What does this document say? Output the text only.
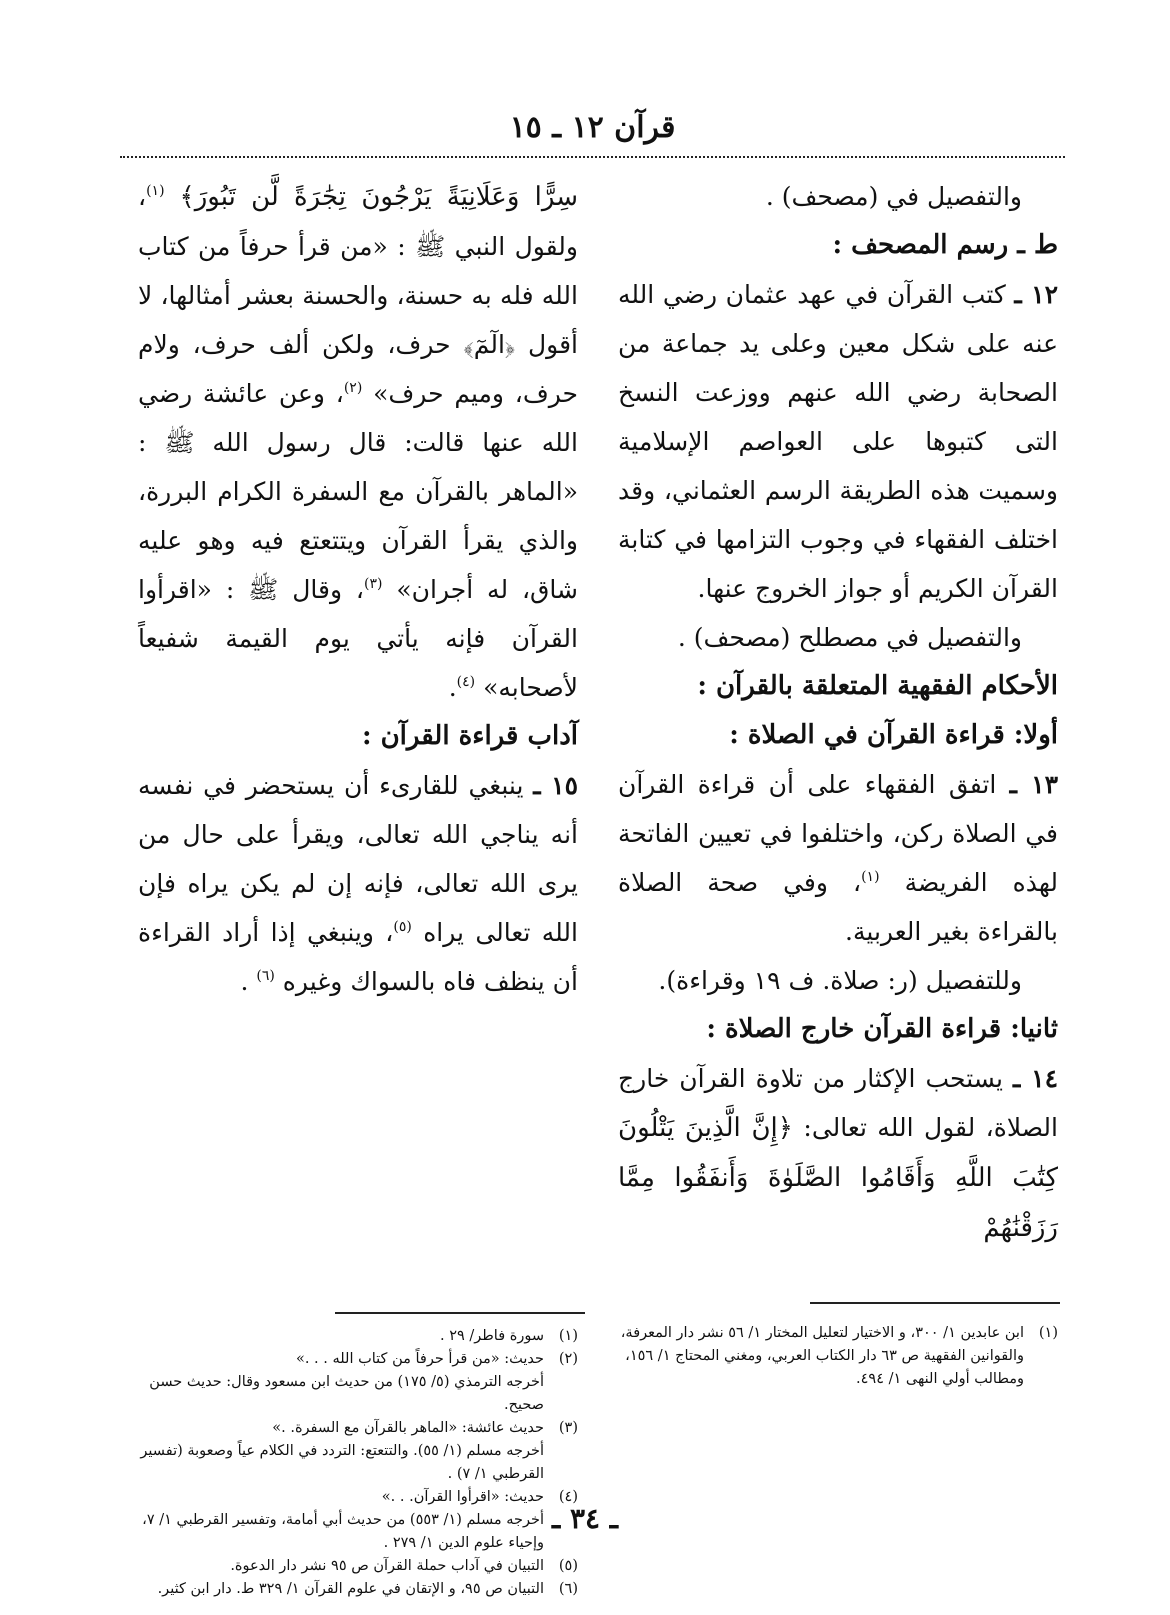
قرآن ١٢ ـ ١٥

والتفصيل في (مصحف) .

ط ـ رسم المصحف :

١٢ ـ كتب القرآن في عهد عثمان رضي الله عنه على شكل معين وعلى يد جماعة من الصحابة رضي الله عنهم ووزعت النسخ التى كتبوها على العواصم الإسلامية وسميت هذه الطريقة الرسم العثماني، وقد اختلف الفقهاء في وجوب التزامها في كتابة القرآن الكريم أو جواز الخروج عنها.

والتفصيل في مصطلح (مصحف) .

الأحكام الفقهية المتعلقة بالقرآن :

أولا: قراءة القرآن في الصلاة :

١٣ ـ اتفق الفقهاء على أن قراءة القرآن في الصلاة ركن، واختلفوا في تعيين الفاتحة لهذه الفريضة $^{(١)}$، وفي صحة الصلاة بالقراءة بغير العربية.

وللتفصيل (ر: صلاة. ف ١٩ وقراءة).

ثانيا: قراءة القرآن خارج الصلاة :

١٤ ـ يستحب الإكثار من تلاوة القرآن خارج الصلاة، لقول الله تعالى: ﴿إِنَّ الَّذِينَ يَتْلُونَ كِتَٰبَ اللَّهِ وَأَقَامُوا الصَّلَوٰةَ وَأَنفَقُوا مِمَّا رَزَقْنَٰهُمْ

سِرًّا وَعَلَانِيَةً يَرْجُونَ تِجَٰرَةً لَّن تَبُورَ﴾ $^{(١)}$، ولقول النبي ﷺ : «من قرأ حرفاً من كتاب الله فله به حسنة، والحسنة بعشر أمثالها، لا أقول ﴿الٓمٓ﴾ حرف، ولكن ألف حرف، ولام حرف، وميم حرف» $^{(٢)}$، وعن عائشة رضي الله عنها قالت: قال رسول الله ﷺ : «الماهر بالقرآن مع السفرة الكرام البررة، والذي يقرأ القرآن ويتتعتع فيه وهو عليه شاق، له أجران» $^{(٣)}$، وقال ﷺ : «اقرأوا القرآن فإنه يأتي يوم القيمة شفيعاً لأصحابه» $^{(٤)}$.

آداب قراءة القرآن :

١٥ ـ ينبغي للقارىء أن يستحضر في نفسه أنه يناجي الله تعالى، ويقرأ على حال من يرى الله تعالى، فإنه إن لم يكن يراه فإن الله تعالى يراه $^{(٥)}$، وينبغي إذا أراد القراءة أن ينظف فاه بالسواك وغيره $^{(٦)}$ .

(١)
سورة فاطر/ ٢٩ .
(٢)
حديث: «من قرأ حرفاً من كتاب الله . . .»
أخرجه الترمذي (٥/ ١٧٥) من حديث ابن مسعود وقال: حديث حسن صحيح.
(٣)
حديث عائشة: «الماهر بالقرآن مع السفرة. .»
أخرجه مسلم (١/ ٥٥). والتتعتع: التردد في الكلام عياً وصعوبة (تفسير القرطبي ١/ ٧) .
(٤)
حديث: «اقرأوا القرآن. . .»
أخرجه مسلم (١/ ٥٥٣) من حديث أبي أمامة، وتفسير القرطبي ١/ ٧، وإحياء علوم الدين ١/ ٢٧٩ .
(٥)
التبيان في آداب حملة القرآن ص ٩٥ نشر دار الدعوة.
(٦)
التبيان ص ٩٥، و الإتقان في علوم القرآن ١/ ٣٢٩ ط. دار ابن كثير.
(١)
ابن عابدين ١/ ٣٠٠، و الاختيار لتعليل المختار ١/ ٥٦ نشر دار المعرفة، والقوانين الفقهية ص ٦٣ دار الكتاب العربي، ومغني المحتاج ١/ ١٥٦، ومطالب أولي النهى ١/ ٤٩٤.
ـ ٣٤ ـ
